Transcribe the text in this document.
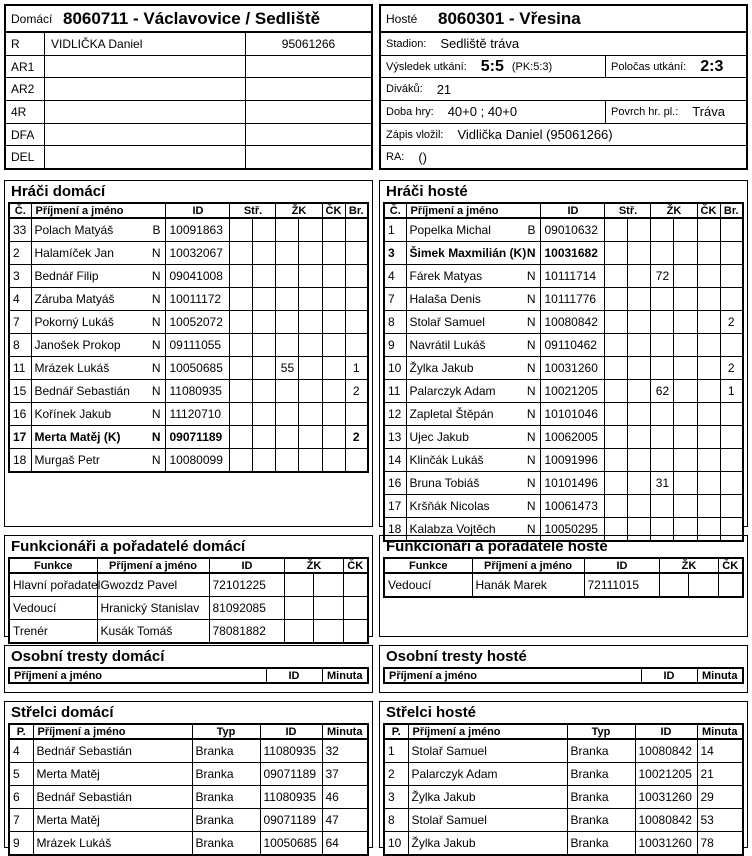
Domácí 8060711 - Václavovice / Sedliště
R	VIDLIČKA Daniel	95061266
AR1
AR2
4R
DFA
DEL
Hosté	8060301 - Vřesina
Stadion: Sedliště tráva
Výsledek utkání: 5:5 (PK:5:3)	Poločas utkání: 2:3
Diváků: 21
Doba hry: 40+0 ; 40+0	Povrch hr. pl.: Tráva
Zápis vložil: Vidlička Daniel (95061266)
RA: ()
Hráči domácí
Č.	Příjmení a jméno	ID	Stř.		ŽK		ČK	Br.
33	Polach Matyáš B	10091863						
2	Halamíček Jan N	10032067						
3	Bednář Filip N	09041008						
4	Záruba Matyáš N	10011172						
7	Pokorný Lukáš N	10052072						
8	Janošek Prokop N	09111055						
11	Mrázek Lukáš N	10050685			55			1
15	Bednář Sebastián N	11080935						2
16	Kořínek Jakub N	11120710						
17	Merta Matěj (K) N	09071189						2
18	Murgaš Petr N	10080099						
Hráči hosté
Č.	Příjmení a jméno	ID	Stř.		ŽK		ČK	Br.
1	Popelka Michal B	09010632						
3	Šimek Maxmilián (K) N	10031682						
4	Fárek Matyas N	10111714			72			
7	Halaša Denis N	10111776						
8	Stolař Samuel N	10080842						2
9	Navrátil Lukáš N	09110462						
10	Žylka Jakub N	10031260						2
11	Palarczyk Adam N	10021205			62			1
12	Zapletal Štěpán N	10101046						
13	Ujec Jakub N	10062005						
14	Klinčák Lukáš N	10091996						
16	Bruna Tobiáš N	10101496			31			
17	Kršňák Nicolas N	10061473						
18	Kalabza Vojtěch N	10050295						
Funkcionáři a pořadatelé domácí
Funkce	Příjmení a jméno	ID	ŽK		ČK
Hlavní pořadatel	Gwozdz Pavel	72101225			
Vedoucí	Hranický Stanislav	81092085			
Trenér	Kusák Tomáš	78081882			
Funkcionáři a pořadatelé hosté
Funkce	Příjmení a jméno	ID	ŽK		ČK
Vedoucí	Hanák Marek	72111015			
Osobní tresty domácí
Příjmení a jméno	ID	Minuta
Osobní tresty hosté
Příjmení a jméno	ID	Minuta
Střelci domácí
P.	Příjmení a jméno	Typ	ID	Minuta
4	Bednář Sebastián	Branka	11080935	32
5	Merta Matěj	Branka	09071189	37
6	Bednář Sebastián	Branka	11080935	46
7	Merta Matěj	Branka	09071189	47
9	Mrázek Lukáš	Branka	10050685	64
Střelci hosté
P.	Příjmení a jméno	Typ	ID	Minuta
1	Stolař Samuel	Branka	10080842	14
2	Palarczyk Adam	Branka	10021205	21
3	Žylka Jakub	Branka	10031260	29
8	Stolař Samuel	Branka	10080842	53
10	Žylka Jakub	Branka	10031260	78
